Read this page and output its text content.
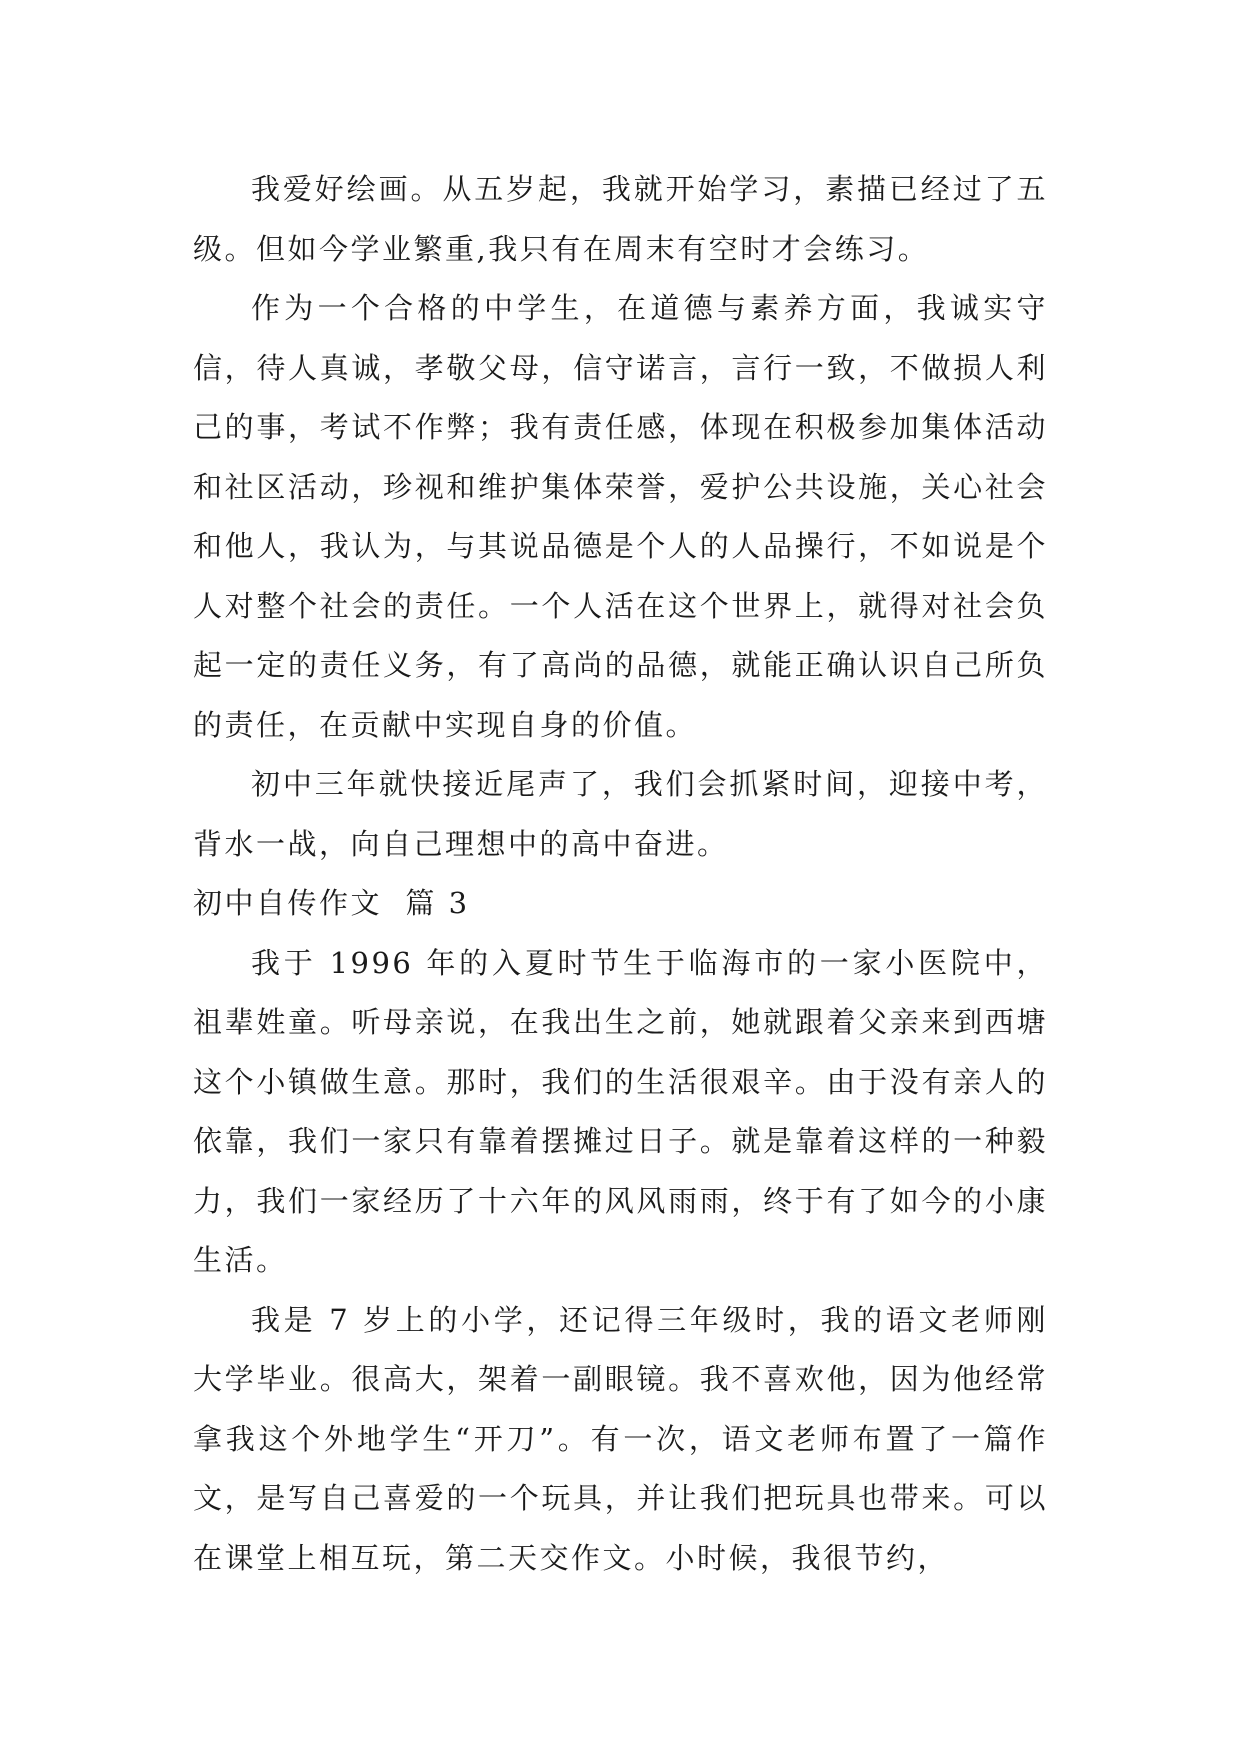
我爱好绘画。从五岁起，我就开始学习，素描已经过了五级。但如今学业繁重,我只有在周末有空时才会练习。

作为一个合格的中学生，在道德与素养方面，我诚实守信，待人真诚，孝敬父母，信守诺言，言行一致，不做损人利己的事，考试不作弊；我有责任感，体现在积极参加集体活动和社区活动，珍视和维护集体荣誉，爱护公共设施，关心社会和他人，我认为，与其说品德是个人的人品操行，不如说是个人对整个社会的责任。一个人活在这个世界上，就得对社会负起一定的责任义务，有了高尚的品德，就能正确认识自己所负的责任，在贡献中实现自身的价值。

初中三年就快接近尾声了，我们会抓紧时间，迎接中考，背水一战，向自己理想中的高中奋进。

初中自传作文  篇 3

我于 1996 年的入夏时节生于临海市的一家小医院中，祖辈姓童。听母亲说，在我出生之前，她就跟着父亲来到西塘这个小镇做生意。那时，我们的生活很艰辛。由于没有亲人的依靠，我们一家只有靠着摆摊过日子。就是靠着这样的一种毅力，我们一家经历了十六年的风风雨雨，终于有了如今的小康生活。

我是 7 岁上的小学，还记得三年级时，我的语文老师刚大学毕业。很高大，架着一副眼镜。我不喜欢他，因为他经常拿我这个外地学生“开刀”。有一次，语文老师布置了一篇作文，是写自己喜爱的一个玩具，并让我们把玩具也带来。可以在课堂上相互玩，第二天交作文。小时候，我很节约，
